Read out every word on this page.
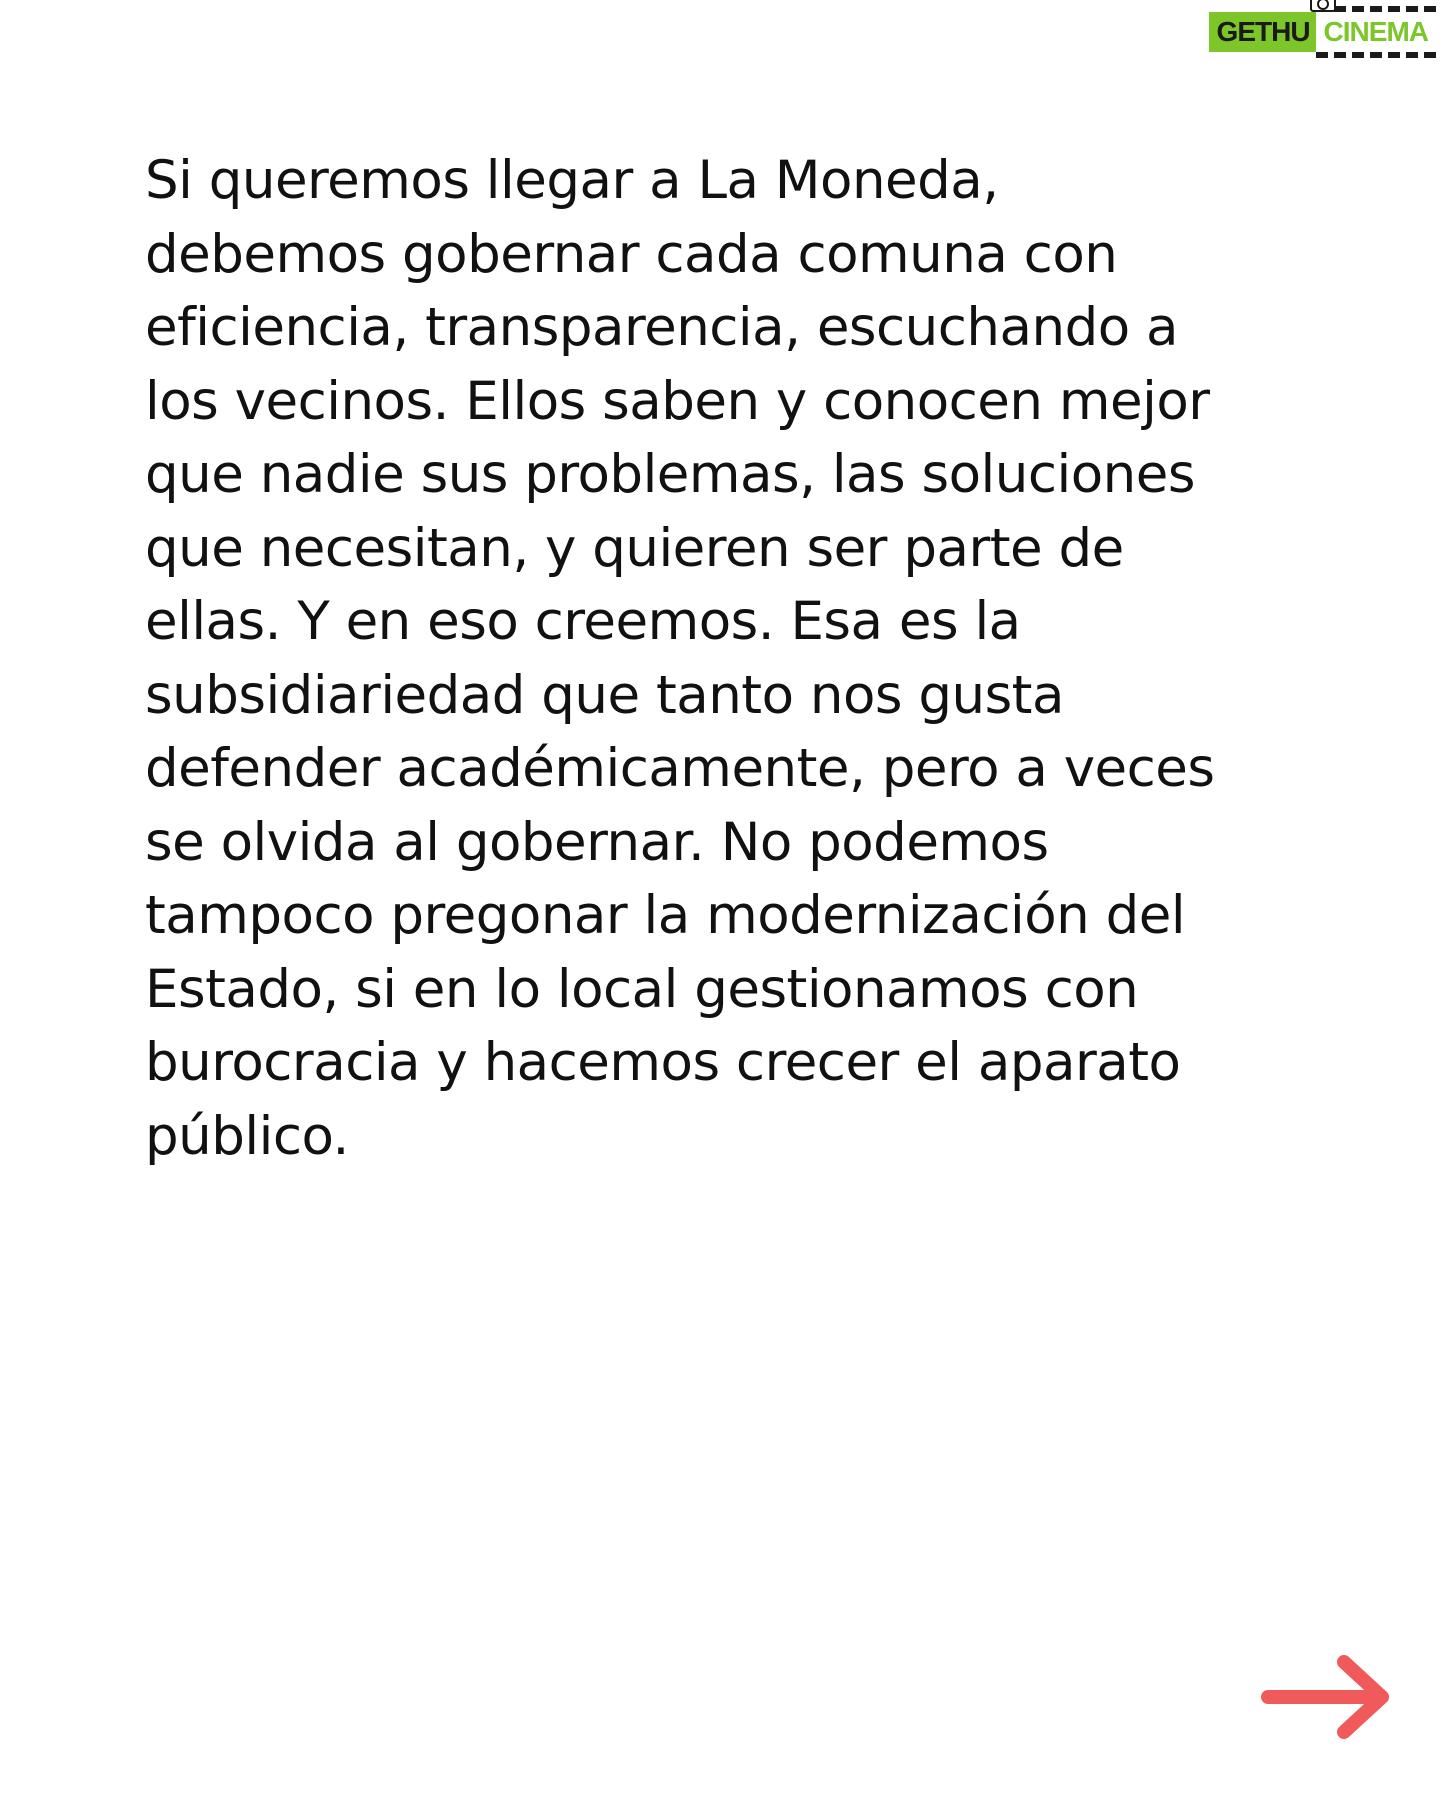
GETHU CINEMA

Si queremos llegar a La Moneda,
debemos gobernar cada comuna con
eficiencia, transparencia, escuchando a
los vecinos. Ellos saben y conocen mejor
que nadie sus problemas, las soluciones
que necesitan, y quieren ser parte de
ellas. Y en eso creemos. Esa es la
subsidiariedad que tanto nos gusta
defender académicamente, pero a veces
se olvida al gobernar. No podemos
tampoco pregonar la modernización del
Estado, si en lo local gestionamos con
burocracia y hacemos crecer el aparato
público.
